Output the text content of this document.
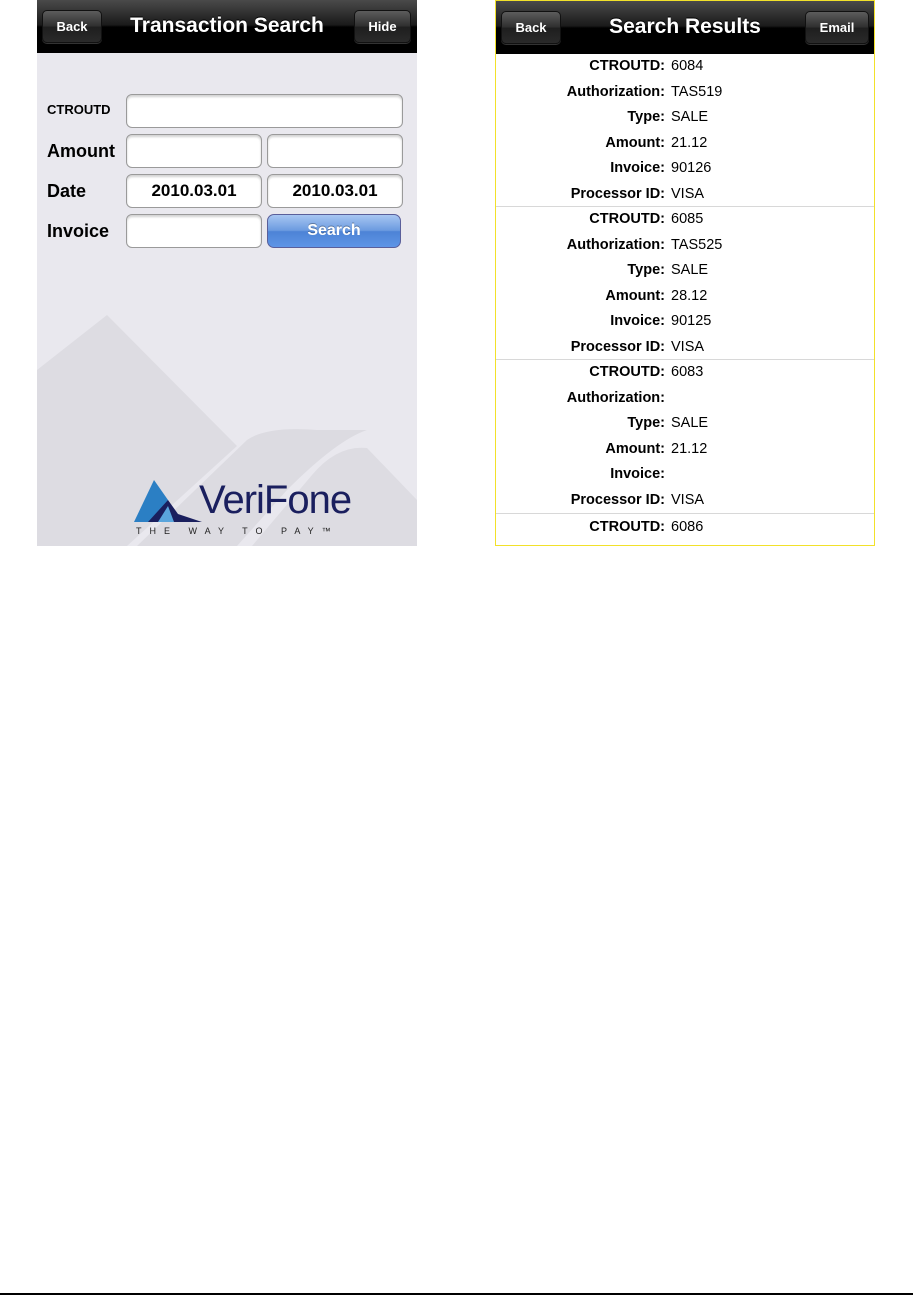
Transaction Search
Back	Hide
CTROUTD
Amount
Date	2010.03.01	2010.03.01
Invoice	Search
VeriFone
THE WAY TO PAY™
Search Results
Back	Email
CTROUTD: 6084
Authorization: TAS519
Type: SALE
Amount: 21.12
Invoice: 90126
Processor ID: VISA
CTROUTD: 6085
Authorization: TAS525
Type: SALE
Amount: 28.12
Invoice: 90125
Processor ID: VISA
CTROUTD: 6083
Authorization:
Type: SALE
Amount: 21.12
Invoice:
Processor ID: VISA
CTROUTD: 6086
